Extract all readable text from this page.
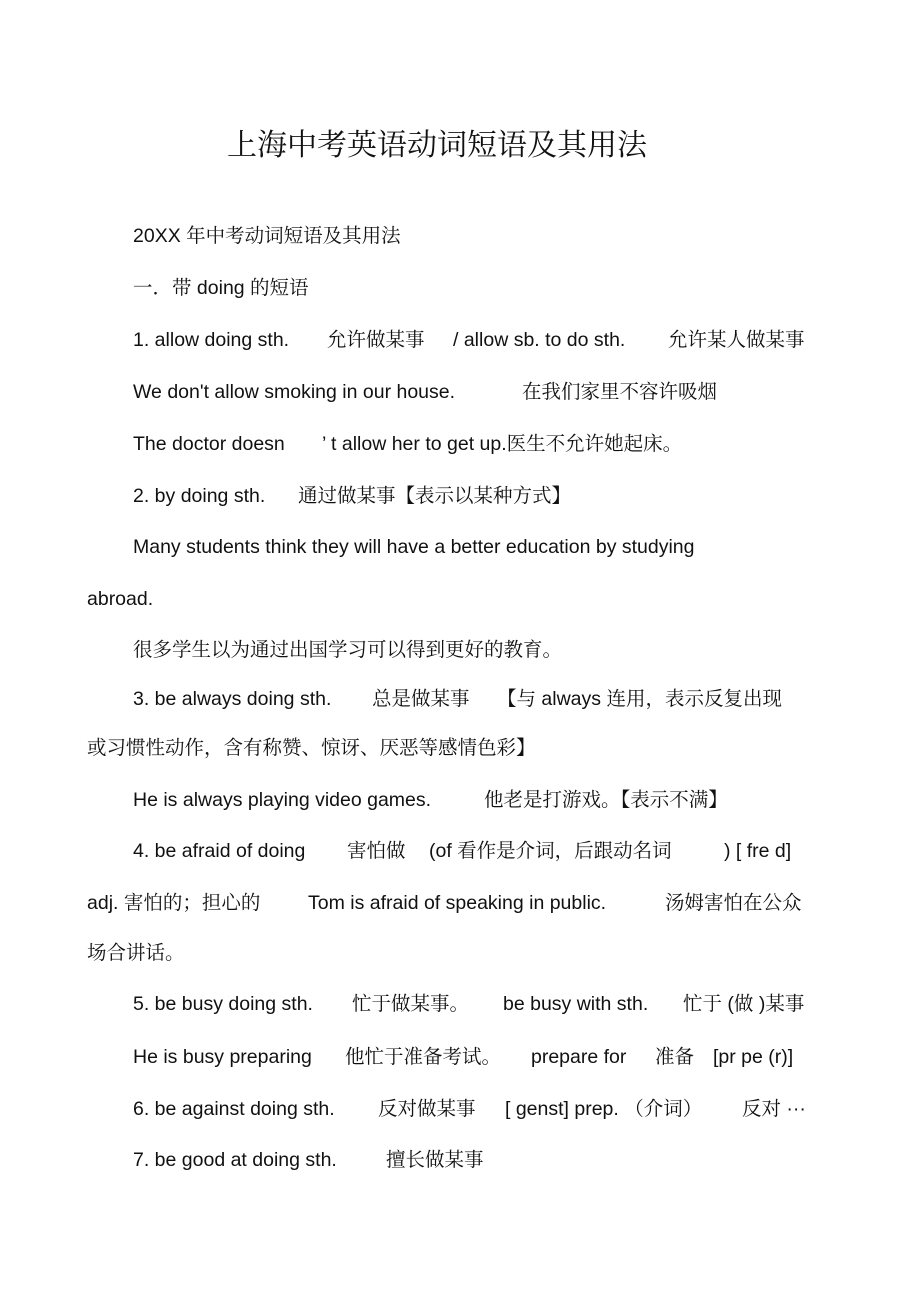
上海中考英语动词短语及其用法
20XX 年中考动词短语及其用法
一．带 doing 的短语
1. allow doing sth. 允许做某事 / allow sb. to do sth. 允许某人做某事
We don't allow smoking in our house.	在我们家里不容许吸烟
The doctor doesn ’ t allow her to get up.医生不允许她起床。
2. by doing sth. 通过做某事【表示以某种方式】
Many students think they will have a better education by studying
abroad.
很多学生以为通过出国学习可以得到更好的教育。
3. be always doing sth. 总是做某事 【与 always 连用，表示反复出现
或习惯性动作，含有称赞、惊讶、厌恶等感情色彩】
He is always playing video games.	他老是打游戏。【表示不满】
4. be afraid of doing 害怕做 (of 看作是介词，后跟动名词	) [ fre d]
adj. 害怕的；担心的 Tom is afraid of speaking in public.	汤姆害怕在公众
场合讲话。
5. be busy doing sth. 忙于做某事。 be busy with sth. 忙于 (做 )某事
He is busy preparing 他忙于准备考试。 prepare for 准备 [pr pe (r)]
6. be against doing sth. 反对做某事 [ genst] prep. （介词） 反对 ···
7. be good at doing sth.	擅长做某事
